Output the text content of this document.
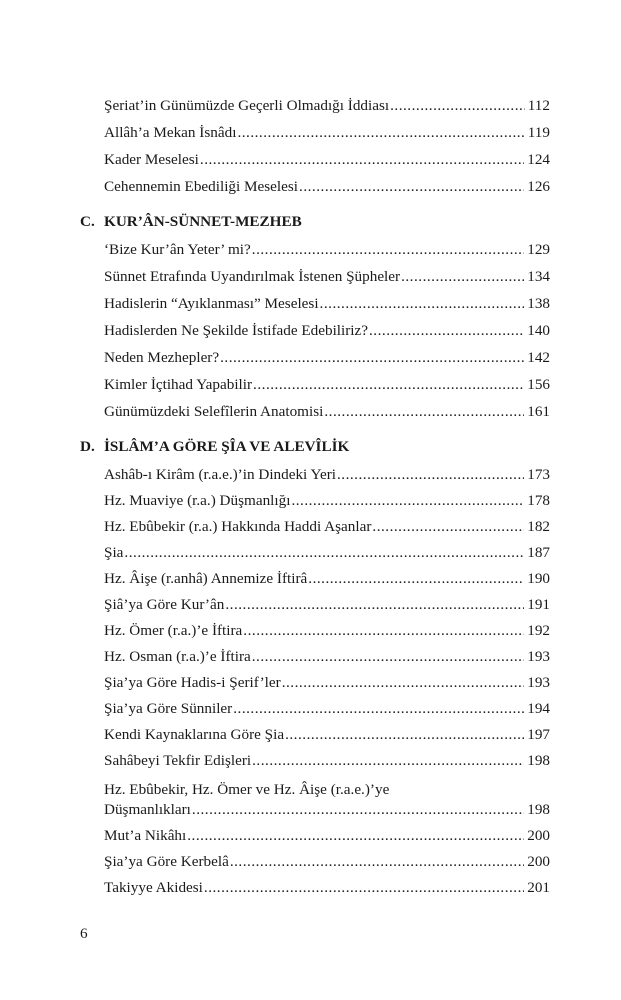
Şeriat’in Günümüzde Geçerli Olmadığı İddiası .....	112
Allâh’a Mekan İsnâdı .....	119
Kader Meselesi .....	124
Cehennemin Ebediliği Meselesi .....	126
C. KUR’ÂN-SÜNNET-MEZHEB
‘Bize Kur’ân Yeter’ mi? .....	129
Sünnet Etrafında Uyandırılmak İstenen Şüpheler .....	134
Hadislerin “Ayıklanması” Meselesi .....	138
Hadislerden Ne Şekilde İstifade Edebiliriz? .....	140
Neden Mezhepler? .....	142
Kimler İçtihad Yapabilir .....	156
Günümüzdeki Selefîlerin Anatomisi .....	161
D. İSLÂM’A GÖRE ŞÎA VE ALEVÎLİK
Ashâb-ı Kirâm (r.a.e.)’in Dindeki Yeri .....	173
Hz. Muaviye (r.a.) Düşmanlığı .....	178
Hz. Ebûbekir (r.a.) Hakkında Haddi Aşanlar .....	182
Şia .....	187
Hz. Âişe (r.anhâ) Annemize İftirâ .....	190
Şiâ’ya Göre Kur’ân .....	191
Hz. Ömer (r.a.)’e İftira .....	192
Hz. Osman (r.a.)’e İftira .....	193
Şia’ya Göre Hadis-i Şerif’ler .....	193
Şia’ya Göre Sünniler .....	194
Kendi Kaynaklarına Göre Şia .....	197
Sahâbeyi Tekfir Edişleri .....	198
Hz. Ebûbekir, Hz. Ömer ve Hz. Âişe (r.a.e.)’ye
Düşmanlıkları .....	198
Mut’a Nikâhı .....	200
Şia’ya Göre Kerbelâ .....	200
Takiyye Akidesi .....	201
6
